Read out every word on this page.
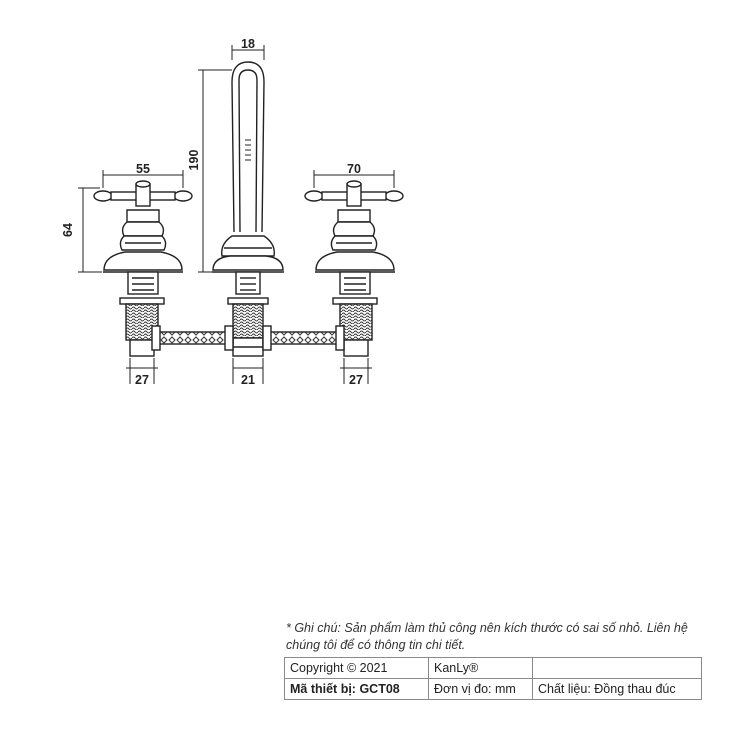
18
190
55	70
64
27	21	27
* Ghi chú: Sản phẩm làm thủ công nên kích thước có sai số nhỏ. Liên hệ chúng tôi để có thông tin chi tiết.
Copyright © 2021	KanLy®	
Mã thiết bị: GCT08	Đơn vị đo: mm	Chất liệu: Đồng thau đúc
